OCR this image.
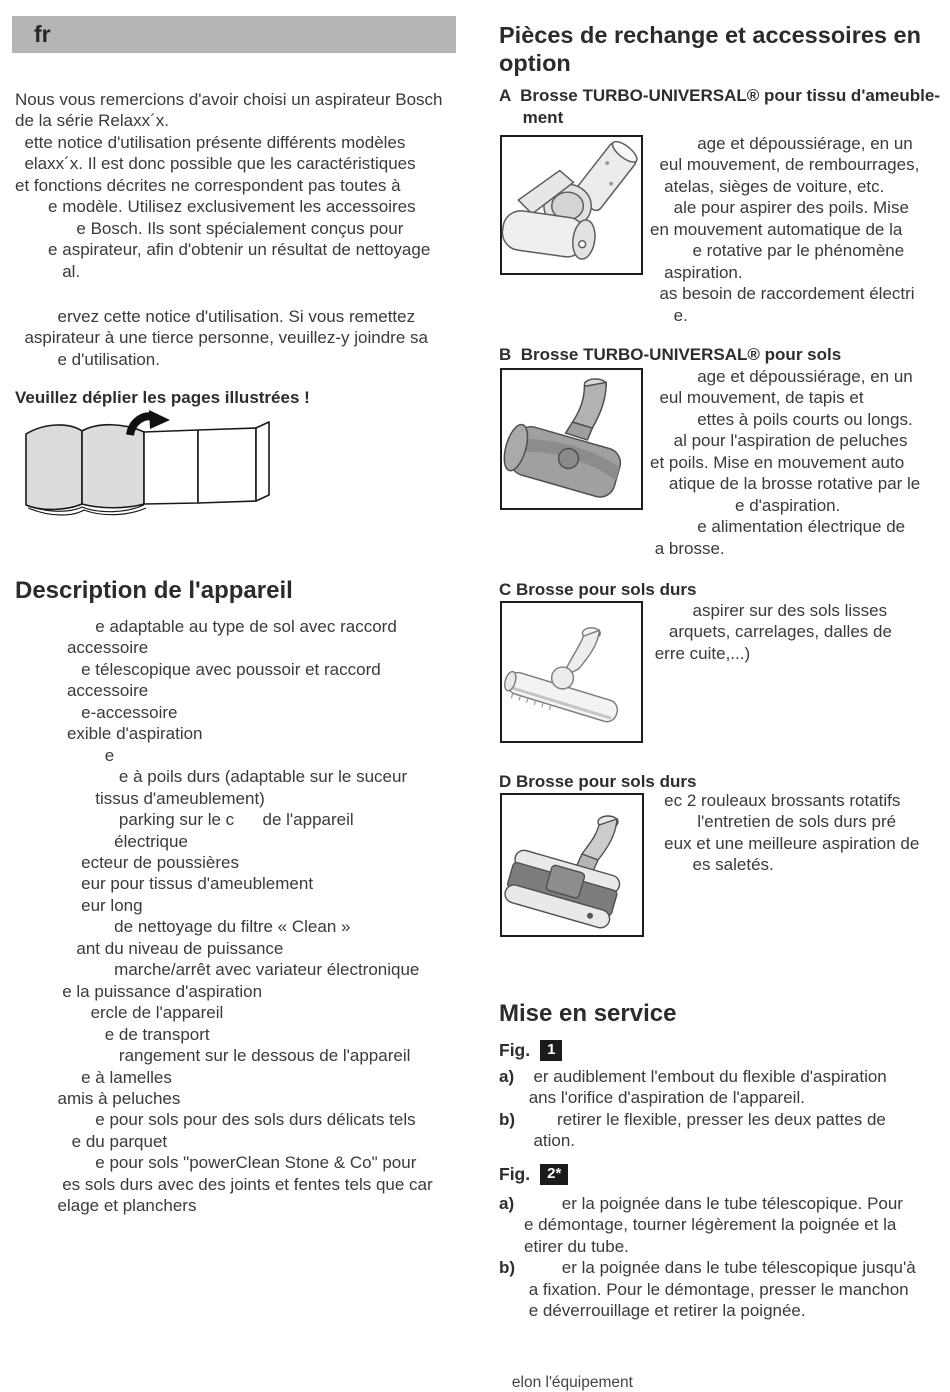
fr
Nous vous remercions d'avoir choisi un aspirateur Bosch
de la série Relaxx´x.
ette notice d'utilisation présente différents modèles
elaxx´x. Il est donc possible que les caractéristiques
et fonctions décrites ne correspondent pas toutes à
e modèle. Utilisez exclusivement les accessoires
e Bosch. Ils sont spécialement conçus pour
e aspirateur, afin d'obtenir un résultat de nettoyage
al.
ervez cette notice d'utilisation. Si vous remettez
aspirateur à une tierce personne, veuillez-y joindre sa
e d'utilisation.
Veuillez déplier les pages illustrées !
Description de l'appareil
e adaptable au type de sol avec raccord
accessoire
e télescopique avec poussoir et raccord
accessoire
e-accessoire
exible d'aspiration
e
e à poils durs (adaptable sur le suceur
tissus d'ameublement)
parking sur le c      de l'appareil
électrique
ecteur de poussières
eur pour tissus d'ameublement
eur long
de nettoyage du filtre « Clean »
ant du niveau de puissance
marche/arrêt avec variateur électronique
e la puissance d'aspiration
ercle de l'appareil
e de transport
rangement sur le dessous de l'appareil
e à lamelles
amis à peluches
e pour sols pour des sols durs délicats tels
e du parquet
e pour sols "powerClean Stone & Co" pour
es sols durs avec des joints et fentes tels que car
elage et planchers
Pièces de rechange et accessoires en
option
A  Brosse TURBO-UNIVERSAL® pour tissu d'ameuble-
ment
age et dépoussiérage, en un
eul mouvement, de rembourrages,
atelas, sièges de voiture, etc.
ale pour aspirer des poils. Mise
en mouvement automatique de la
e rotative par le phénomène
aspiration.
as besoin de raccordement électri
e.
B  Brosse TURBO-UNIVERSAL® pour sols
age et dépoussiérage, en un
eul mouvement, de tapis et
ettes à poils courts ou longs.
al pour l'aspiration de peluches
et poils. Mise en mouvement auto
atique de la brosse rotative par le
e d'aspiration.
e alimentation électrique de
a brosse.
C Brosse pour sols durs
aspirer sur des sols lisses
arquets, carrelages, dalles de
erre cuite,...)
D Brosse pour sols durs
ec 2 rouleaux brossants rotatifs
l'entretien de sols durs pré
eux et une meilleure aspiration de
es saletés.
Mise en service
Fig.	1
a) er audiblement l'embout du flexible d'aspiration
ans l'orifice d'aspiration de l'appareil.
b) retirer le flexible, presser les deux pattes de
ation.
Fig.	2*
a) er la poignée dans le tube télescopique. Pour
e démontage, tourner légèrement la poignée et la
etirer du tube.
b) er la poignée dans le tube télescopique jusqu'à
a fixation. Pour le démontage, presser le manchon
e déverrouillage et retirer la poignée.
elon l'équipement
